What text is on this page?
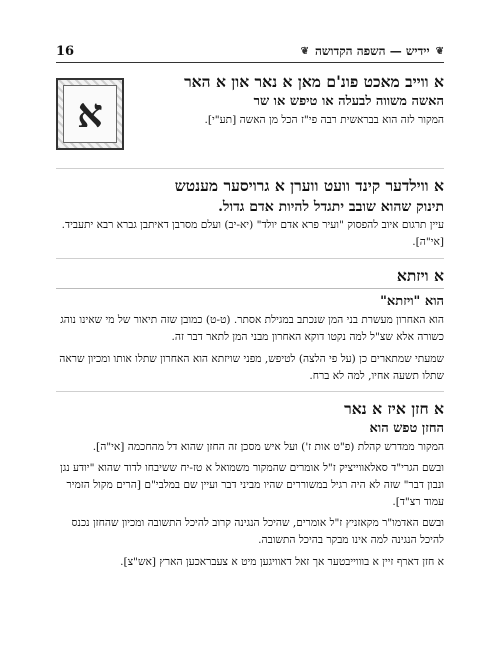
16	❦
יידיש — השפה הקדושה
❦
א

א ווייב מאכט פונ'ם מאן א נאר און א האר

האשה משווה לבעלה או טיפש או שר

המקור לזה הוא בבראשית רבה פי"ז הכל מן האשה [תע"י].

א ווילדער קינד וועט ווערן א גרויסער מענטש

תינוק שהוא שובב יתגדל להיות אדם גדול.

עיין תרגום איוב להפסוק "ועיר פרא אדם יולד" (יא-יב) ועלם מסרבן דאיתבן גברא רבא יתעביד. [אי"ה].

א ויזתא

הוא "ויזתא"

הוא האחרון מעשרת בני המן שנכתב במגילת אסתר. (ט-ט) כמובן שזה תיאור של מי שאינו נוהג כשורה אלא שצ"ל למה נקטו דוקא האחרון מבני המן לתאר דבר זה.

שמעתי שמתארים כן (על פי הלצה) לטיפש, מפני שויזתא הוא האחרון שתלו אותו ומכיון שראה שתלו תשעה אחיו, למה לא ברח.

א חזן איז א נאר

החזן טפש הוא

המקור ממדרש קהלת (פ"ט אות ז') ועל איש מסכן זה החזן שהוא דל מהחכמה [אי"ה].

ובשם הגרי"ד סאלאווייציק ז"ל אומרים שהמקור משמואל א טז-יח ששיבחו לדוד שהוא "יודע נגן ונבון דבר" שזה לא היה רגיל במשוררים שהיו מביני דבר ועיין שם במלבי"ם [הרים מקול הזמיר עמוד רצ"ד].

ובשם האדמו"ר מקאזניץ ז"ל אומרים, שהיכל הנגינה קרוב להיכל התשובה ומכיון שהחזן נכנס להיכל הנגינה למה אינו מבקר בהיכל התשובה.

א חזן דארף זיין א בוווייבטער אך זאל דאוויגען מיט א צעבראכען הארץ [אש"צ].
